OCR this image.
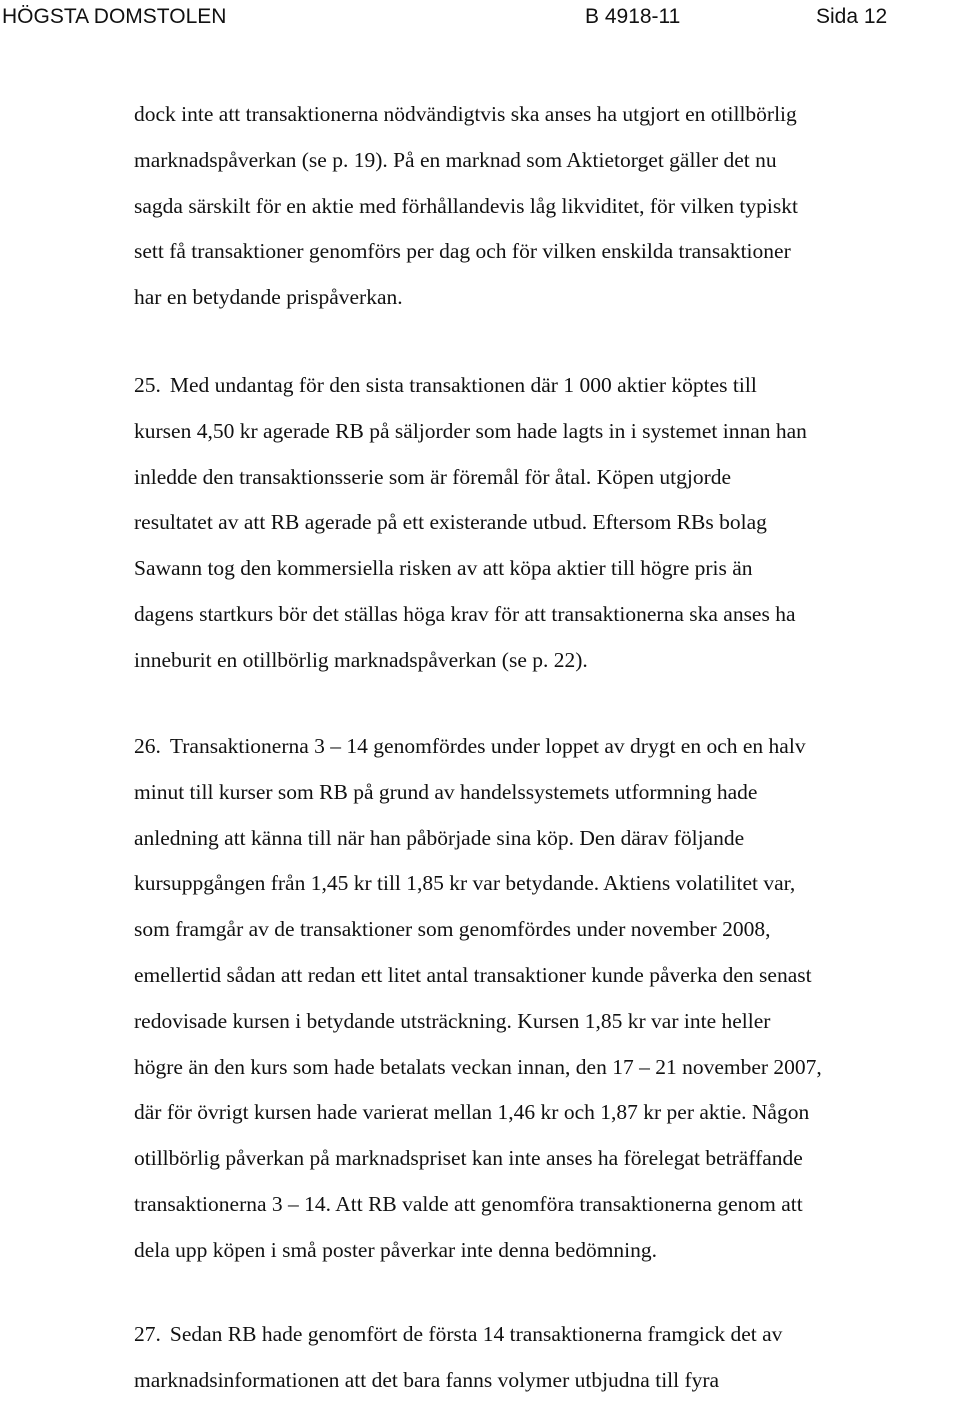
HÖGSTA DOMSTOLEN	B 4918-11	Sida 12
dock inte att transaktionerna nödvändigtvis ska anses ha utgjort en otillbörlig
marknadspåverkan (se p. 19). På en marknad som Aktietorget gäller det nu
sagda särskilt för en aktie med förhållandevis låg likviditet, för vilken typiskt
sett få transaktioner genomförs per dag och för vilken enskilda transaktioner
har en betydande prispåverkan.
25. Med undantag för den sista transaktionen där 1 000 aktier köptes till
kursen 4,50 kr agerade RB på säljorder som hade lagts in i systemet innan han
inledde den transaktionsserie som är föremål för åtal. Köpen utgjorde
resultatet av att RB agerade på ett existerande utbud. Eftersom RBs bolag
Sawann tog den kommersiella risken av att köpa aktier till högre pris än
dagens startkurs bör det ställas höga krav för att transaktionerna ska anses ha
inneburit en otillbörlig marknadspåverkan (se p. 22).
26. Transaktionerna 3 – 14 genomfördes under loppet av drygt en och en halv
minut till kurser som RB på grund av handelssystemets utformning hade
anledning att känna till när han påbörjade sina köp. Den därav följande
kursuppgången från 1,45 kr till 1,85 kr var betydande. Aktiens volatilitet var,
som framgår av de transaktioner som genomfördes under november 2008,
emellertid sådan att redan ett litet antal transaktioner kunde påverka den senast
redovisade kursen i betydande utsträckning. Kursen 1,85 kr var inte heller
högre än den kurs som hade betalats veckan innan, den 17 – 21 november 2007,
där för övrigt kursen hade varierat mellan 1,46 kr och 1,87 kr per aktie. Någon
otillbörlig påverkan på marknadspriset kan inte anses ha förelegat beträffande
transaktionerna 3 – 14. Att RB valde att genomföra transaktionerna genom att
dela upp köpen i små poster påverkar inte denna bedömning.
27. Sedan RB hade genomfört de första 14 transaktionerna framgick det av
marknadsinformationen att det bara fanns volymer utbjudna till fyra
